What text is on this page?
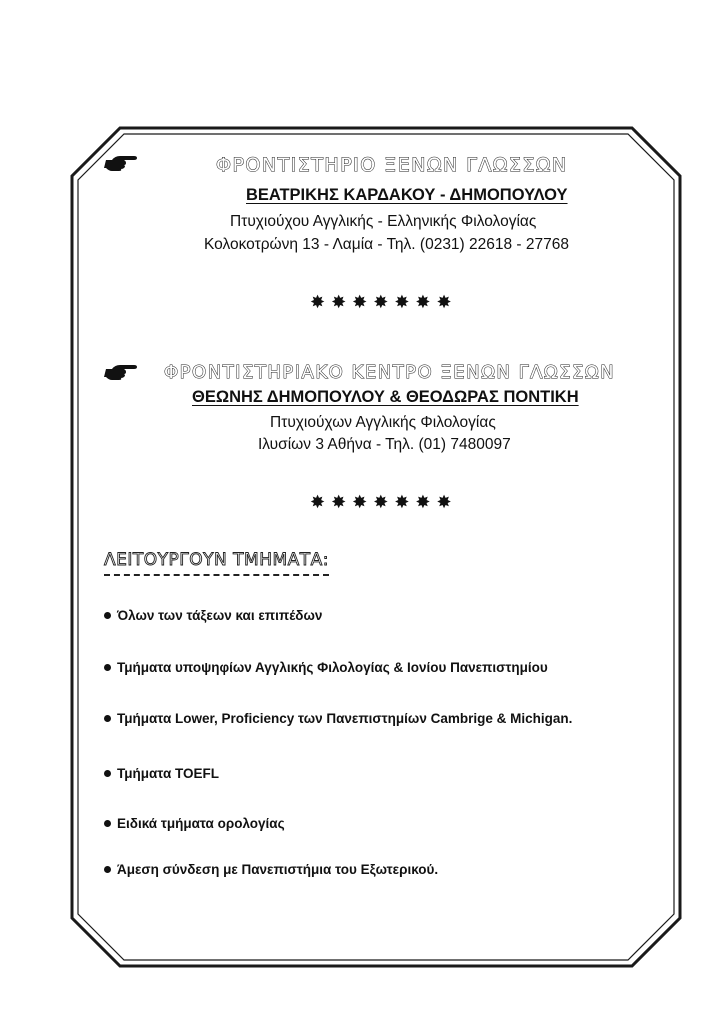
ΦΡΟΝΤΙΣΤΗΡΙΟ ΞΕΝΩΝ ΓΛΩΣΣΩΝ
ΒΕΑΤΡΙΚΗΣ ΚΑΡΔΑΚΟΥ - ΔΗΜΟΠΟΥΛΟΥ
Πτυχιούχου Αγγλικής - Ελληνικής Φιλολογίας
Κολοκοτρώνη 13 - Λαμία - Τηλ. (0231) 22618 - 27768
✸✸✸✸✸✸✸
ΦΡΟΝΤΙΣΤΗΡΙΑΚΟ ΚΕΝΤΡΟ ΞΕΝΩΝ ΓΛΩΣΣΩΝ
ΘΕΩΝΗΣ ΔΗΜΟΠΟΥΛΟΥ & ΘΕΟΔΩΡΑΣ ΠΟΝΤΙΚΗ
Πτυχιούχων Αγγλικής Φιλολογίας
Ιλυσίων 3 Αθήνα - Τηλ. (01) 7480097
✸✸✸✸✸✸✸
ΛΕΙΤΟΥΡΓΟΥΝ ΤΜΗΜΑΤΑ:
Όλων των τάξεων και επιπέδων
Τμήματα υποψηφίων Αγγλικής Φιλολογίας & Ιονίου Πανεπιστημίου
Τμήματα Lower, Proficiency των Πανεπιστημίων Cambrige & Michigan.
Τμήματα TOEFL
Ειδικά τμήματα ορολογίας
Άμεση σύνδεση με Πανεπιστήμια του Εξωτερικού.
